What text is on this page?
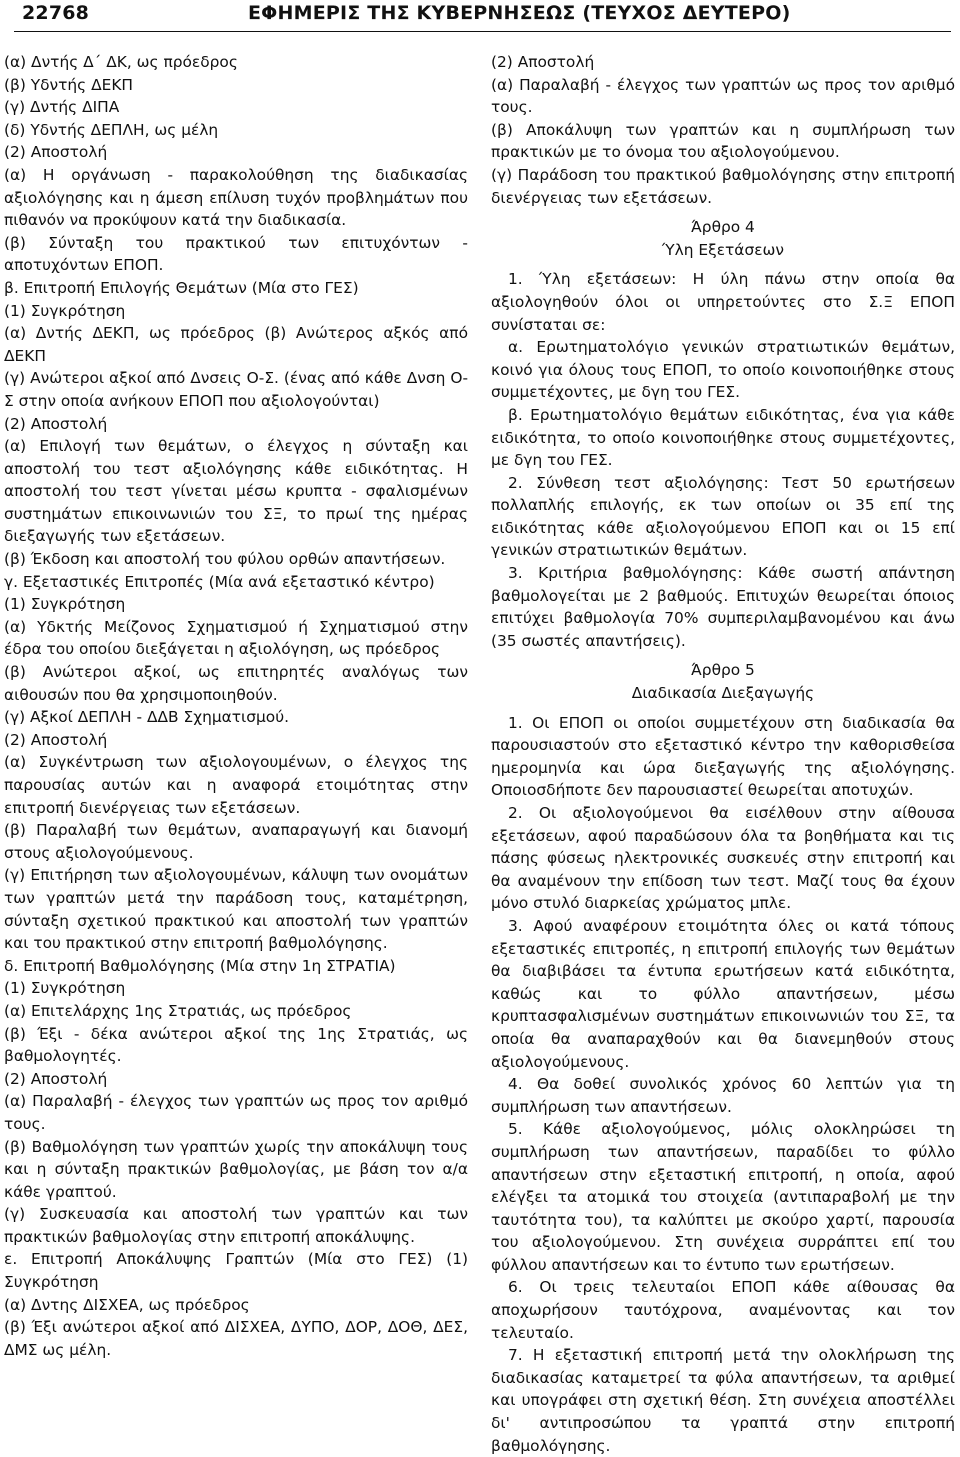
22768	ΕΦΗΜΕΡΙΣ ΤΗΣ ΚΥΒΕΡΝΗΣΕΩΣ (ΤΕΥΧΟΣ ΔΕΥΤΕΡΟ)

(α) Δντής Δ΄ ΔΚ, ως πρόεδρος

(β) Υδντής ΔΕΚΠ

(γ) Δντής ΔΙΠΑ

(δ) Υδντής ΔΕΠΛΗ, ως μέλη

(2) Αποστολή

(α) Η οργάνωση - παρακολούθηση της διαδικασίας αξιολόγησης και η άμεση επίλυση τυχόν προβλημάτων που πιθανόν να προκύψουν κατά την διαδικασία.

(β) Σύνταξη του πρακτικού των επιτυχόντων - αποτυχόντων ΕΠΟΠ.

β. Επιτροπή Επιλογής Θεμάτων (Μία στο ΓΕΣ)

(1) Συγκρότηση

(α) Δντής ΔΕΚΠ, ως πρόεδρος (β) Ανώτερος αξκός από ΔΕΚΠ

(γ) Ανώτεροι αξκοί από Δνσεις Ο-Σ. (ένας από κάθε Δνση Ο-Σ στην οποία ανήκουν ΕΠΟΠ που αξιολογούνται)

(2) Αποστολή

(α) Επιλογή των θεμάτων, ο έλεγχος η σύνταξη και αποστολή του τεστ αξιολόγησης κάθε ειδικότητας. Η αποστολή του τεστ γίνεται μέσω κρυπτα - σφαλισμένων συστημάτων επικοινωνιών του ΣΞ, το πρωί της ημέρας διεξαγωγής των εξετάσεων.

(β) Έκδοση και αποστολή του φύλου ορθών απαντήσεων.

γ. Εξεταστικές Επιτροπές (Μία ανά εξεταστικό κέντρο)

(1) Συγκρότηση

(α) Υδκτής Μείζονος Σχηματισμού ή Σχηματισμού στην έδρα του οποίου διεξάγεται η αξιολόγηση, ως πρόεδρος

(β) Ανώτεροι αξκοί, ως επιτηρητές αναλόγως των αιθουσών που θα χρησιμοποιηθούν.

(γ) Αξκοί ΔΕΠΛΗ - ΔΔΒ Σχηματισμού.

(2) Αποστολή

(α) Συγκέντρωση των αξιολογουμένων, ο έλεγχος της παρουσίας αυτών και η αναφορά ετοιμότητας στην επιτροπή διενέργειας των εξετάσεων.

(β) Παραλαβή των θεμάτων, αναπαραγωγή και διανομή στους αξιολογούμενους.

(γ) Επιτήρηση των αξιολογουμένων, κάλυψη των ονομάτων των γραπτών μετά την παράδοση τους, καταμέτρηση, σύνταξη σχετικού πρακτικού και αποστολή των γραπτών και του πρακτικού στην επιτροπή βαθμολόγησης.

δ. Επιτροπή Βαθμολόγησης (Μία στην 1η ΣΤΡΑΤΙΑ)

(1) Συγκρότηση

(α) Επιτελάρχης 1ης Στρατιάς, ως πρόεδρος

(β) Έξι - δέκα ανώτεροι αξκοί της 1ης Στρατιάς, ως βαθμολογητές.

(2) Αποστολή

(α) Παραλαβή - έλεγχος των γραπτών ως προς τον αριθμό τους.

(β) Βαθμολόγηση των γραπτών χωρίς την αποκάλυψη τους και η σύνταξη πρακτικών βαθμολογίας, με βάση τον α/α κάθε γραπτού.

(γ) Συσκευασία και αποστολή των γραπτών και των πρακτικών βαθμολογίας στην επιτροπή αποκάλυψης.

ε. Επιτροπή Αποκάλυψης Γραπτών (Μία στο ΓΕΣ) (1) Συγκρότηση

(α) Δντης ΔΙΣΧΕΑ, ως πρόεδρος

(β) Έξι ανώτεροι αξκοί από ΔΙΣΧΕΑ, ΔΥΠΟ, ΔΟΡ, ΔΟΘ, ΔΕΣ, ΔΜΣ ως μέλη.

(2) Αποστολή

(α) Παραλαβή - έλεγχος των γραπτών ως προς τον αριθμό τους.

(β) Αποκάλυψη των γραπτών και η συμπλήρωση των πρακτικών με το όνομα του αξιολογούμενου.

(γ) Παράδοση του πρακτικού βαθμολόγησης στην επιτροπή διενέργειας των εξετάσεων.

Άρθρο 4

Ύλη Εξετάσεων

1. Ύλη εξετάσεων: Η ύλη πάνω στην οποία θα αξιολογηθούν όλοι οι υπηρετούντες στο Σ.Ξ ΕΠΟΠ συνίσταται σε:

α. Ερωτηματολόγιο γενικών στρατιωτικών θεμάτων, κοινό για όλους τους ΕΠΟΠ, το οποίο κοινοποιήθηκε στους συμμετέχοντες, με δγη του ΓΕΣ.

β. Ερωτηματολόγιο θεμάτων ειδικότητας, ένα για κάθε ειδικότητα, το οποίο κοινοποιήθηκε στους συμμετέχοντες, με δγη του ΓΕΣ.

2. Σύνθεση τεστ αξιολόγησης: Τεστ 50 ερωτήσεων πολλαπλής επιλογής, εκ των οποίων οι 35 επί της ειδικότητας κάθε αξιολογούμενου ΕΠΟΠ και οι 15 επί γενικών στρατιωτικών θεμάτων.

3. Κριτήρια βαθμολόγησης: Κάθε σωστή απάντηση βαθμολογείται με 2 βαθμούς. Επιτυχών θεωρείται όποιος επιτύχει βαθμολογία 70% συμπεριλαμβανομένου και άνω (35 σωστές απαντήσεις).

Άρθρο 5

Διαδικασία Διεξαγωγής

1. Οι ΕΠΟΠ οι οποίοι συμμετέχουν στη διαδικασία θα παρουσιαστούν στο εξεταστικό κέντρο την καθορισθείσα ημερομηνία και ώρα διεξαγωγής της αξιολόγησης. Οποιοσδήποτε δεν παρουσιαστεί θεωρείται αποτυχών.

2. Οι αξιολογούμενοι θα εισέλθουν στην αίθουσα εξετάσεων, αφού παραδώσουν όλα τα βοηθήματα και τις πάσης φύσεως ηλεκτρονικές συσκευές στην επιτροπή και θα αναμένουν την επίδοση των τεστ. Μαζί τους θα έχουν μόνο στυλό διαρκείας χρώματος μπλε.

3. Αφού αναφέρουν ετοιμότητα όλες οι κατά τόπους εξεταστικές επιτροπές, η επιτροπή επιλογής των θεμάτων θα διαβιβάσει τα έντυπα ερωτήσεων κατά ειδικότητα, καθώς και το φύλλο απαντήσεων, μέσω κρυπτασφαλισμένων συστημάτων επικοινωνιών του ΣΞ, τα οποία θα αναπαραχθούν και θα διανεμηθούν στους αξιολογούμενους.

4. Θα δοθεί συνολικός χρόνος 60 λεπτών για τη συμπλήρωση των απαντήσεων.

5. Κάθε αξιολογούμενος, μόλις ολοκληρώσει τη συμπλήρωση των απαντήσεων, παραδίδει το φύλλο απαντήσεων στην εξεταστική επιτροπή, η οποία, αφού ελέγξει τα ατομικά του στοιχεία (αντιπαραβολή με την ταυτότητα του), τα καλύπτει με σκούρο χαρτί, παρουσία του αξιολογούμενου. Στη συνέχεια συρράπτει επί του φύλλου απαντήσεων και το έντυπο των ερωτήσεων.

6. Οι τρεις τελευταίοι ΕΠΟΠ κάθε αίθουσας θα αποχωρήσουν ταυτόχρονα, αναμένοντας και τον τελευταίο.

7. Η εξεταστική επιτροπή μετά την ολοκλήρωση της διαδικασίας καταμετρεί τα φύλα απαντήσεων, τα αριθμεί και υπογράφει στη σχετική θέση. Στη συνέχεια αποστέλλει δι' αντιπροσώπου τα γραπτά στην επιτροπή βαθμολόγησης.
